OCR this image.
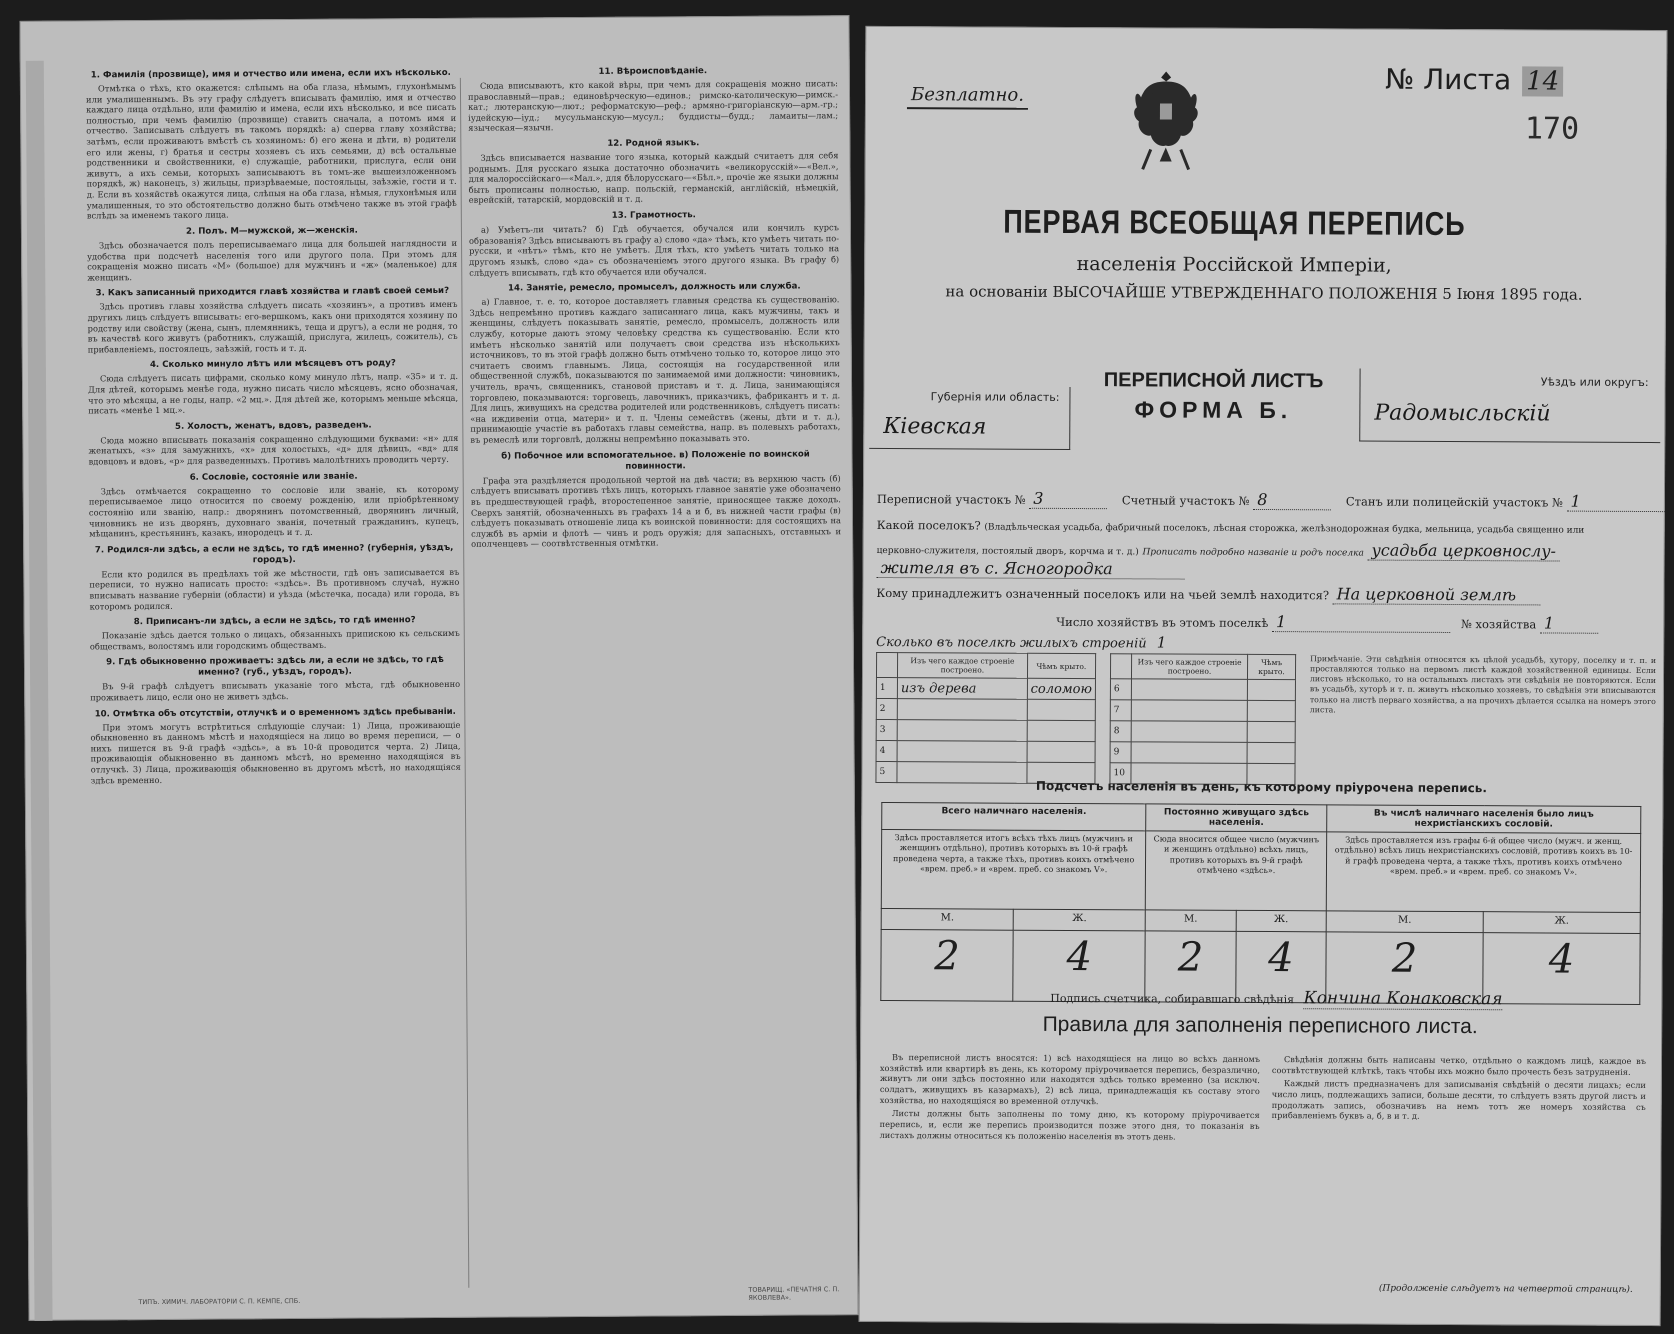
1. Фамилія (прозвище), имя и отчество или имена, если ихъ нѣсколько.

Отмѣтка о тѣхъ, кто окажется: слѣпымъ на оба глаза, нѣмымъ, глухонѣмымъ или умалишеннымъ. Въ эту графу слѣдуетъ вписывать фамилію, имя и отчество каждаго лица отдѣльно, или фамилію и имена, если ихъ нѣсколько, и все писать полностью, при чемъ фамилію (прозвище) ставить сначала, а потомъ имя и отчество. Записывать слѣдуетъ въ такомъ порядкѣ: а) сперва главу хозяйства; затѣмъ, если проживаютъ вмѣстѣ съ хозяиномъ: б) его жена и дѣти, в) родители его или жены, г) братья и сестры хозяевъ съ ихъ семьями, д) всѣ остальные родственники и свойственники, е) служащіе, работники, прислуга, если они живутъ, а ихъ семьи, которыхъ записываютъ въ томъ-же вышеизложенномъ порядкѣ, ж) наконецъ, з) жильцы, призрѣваемые, постояльцы, заѣзжіе, гости и т. д. Если въ хозяйствѣ окажутся лица, слѣпыя на оба глаза, нѣмыя, глухонѣмыя или умалишенныя, то это обстоятельство должно быть отмѣчено также въ этой графѣ вслѣдъ за именемъ такого лица.

2. Полъ. М—мужской, ж—женскія.

Здѣсь обозначается полъ переписываемаго лица для большей наглядности и удобства при подсчетѣ населенія того или другого пола. При этомъ для сокращенія можно писать «М» (большое) для мужчинъ и «ж» (маленькое) для женщинъ.

3. Какъ записанный приходится главѣ хозяйства и главѣ своей семьи?

Здѣсь противъ главы хозяйства слѣдуетъ писать «хозяинъ», а противъ именъ другихъ лицъ слѣдуетъ вписывать: его-вершкомъ, какъ они приходятся хозяину по родству или свойству (жена, сынъ, племянникъ, теща и другъ), а если не родня, то въ качествѣ кого живутъ (работникъ, служащій, прислуга, жилецъ, сожитель), съ прибавленіемъ, постоялецъ, заѣзжій, гость и т. д.

4. Сколько минуло лѣтъ или мѣсяцевъ отъ роду?

Сюда слѣдуетъ писать цифрами, сколько кому минуло лѣтъ, напр. «35» и т. д. Для дѣтей, которымъ менѣе года, нужно писать число мѣсяцевъ, ясно обозначая, что это мѣсяцы, а не годы, напр. «2 мц.». Для дѣтей же, которымъ меньше мѣсяца, писать «менѣе 1 мц.».

5. Холостъ, женатъ, вдовъ, разведенъ.

Сюда можно вписывать показанія сокращенно слѣдующими буквами: «н» для женатыхъ, «з» для замужнихъ, «х» для холостыхъ, «д» для дѣвицъ, «вд» для вдовцовъ и вдовъ, «р» для разведенныхъ. Противъ малолѣтнихъ проводить черту.

6. Сословіе, состояніе или званіе.

Здѣсь отмѣчается сокращенно то сословіе или званіе, къ которому переписываемое лицо относится по своему рожденію, или пріобрѣтенному состоянію или званію, напр.: дворянинъ потомственный, дворянинъ личный, чиновникъ не изъ дворянъ, духовнаго званія, почетный гражданинъ, купецъ, мѣщанинъ, крестьянинъ, казакъ, инородецъ и т. д.

7. Родился-ли здѣсь, а если не здѣсь, то гдѣ именно? (губернія, уѣздъ, городъ).

Если кто родился въ предѣлахъ той же мѣстности, гдѣ онъ записывается въ переписи, то нужно написать просто: «здѣсь». Въ противномъ случаѣ, нужно вписывать название губерніи (области) и уѣзда (мѣстечка, посада) или города, въ которомъ родился.

8. Приписанъ-ли здѣсь, а если не здѣсь, то гдѣ именно?

Показаніе здѣсь дается только о лицахъ, обязанныхъ припискою къ сельскимъ обществамъ, волостямъ или городскимъ обществамъ.

9. Гдѣ обыкновенно проживаетъ: здѣсь ли, а если не здѣсь, то гдѣ именно? (губ., уѣздъ, городъ).

Въ 9-й графѣ слѣдуетъ вписывать указаніе того мѣста, гдѣ обыкновенно проживаетъ лицо, если оно не живетъ здѣсь.

10. Отмѣтка объ отсутствіи, отлучкѣ и о временномъ здѣсь пребываніи.

При этомъ могутъ встрѣтиться слѣдующіе случаи: 1) Лица, проживающіе обыкновенно въ данномъ мѣстѣ и находящіеся на лицо во время переписи, — о нихъ пишется въ 9-й графѣ «здѣсь», а въ 10-й проводится черта. 2) Лица, проживающія обыкновенно въ данномъ мѣстѣ, но временно находящіяся въ отлучкѣ. 3) Лица, проживающія обыкновенно въ другомъ мѣстѣ, но находящіяся здѣсь временно.

11. Вѣроисповѣданіе.

Сюда вписываютъ, кто какой вѣры, при чемъ для сокращенія можно писать: православный—прав.; единовѣрческую—единов.; римско-католическую—римск.-кат.; лютеранскую—лют.; реформатскую—реф.; армяно-григоріанскую—арм.-гр.; іудейскую—іуд.; мусульманскую—мусул.; буддисты—будд.; ламаиты—лам.; языческая—язычн.

12. Родной языкъ.

Здѣсь вписывается название того языка, который каждый считаетъ для себя роднымъ. Для русскаго языка достаточно обозначить «великорусскій»—«Вел.», для малороссійскаго—«Мал.», для бѣлорусскаго—«Бѣл.», прочіе же языки должны быть прописаны полностью, напр. польскій, германскій, англійскій, нѣмецкій, еврейскій, татарскій, мордовскій и т. д.

13. Грамотность.

а) Умѣетъ-ли читать? б) Гдѣ обучается, обучался или кончилъ курсъ образованія? Здѣсь вписываютъ въ графу а) слово «да» тѣмъ, кто умѣетъ читать по-русски, и «нѣтъ» тѣмъ, кто не умѣетъ. Для тѣхъ, кто умѣетъ читать только на другомъ языкѣ, слово «да» съ обозначеніемъ этого другого языка. Въ графу б) слѣдуетъ вписывать, гдѣ кто обучается или обучался.

14. Занятіе, ремесло, промыселъ, должность или служба.

а) Главное, т. е. то, которое доставляетъ главныя средства къ существованію. Здѣсь непремѣнно противъ каждаго записаннаго лица, какъ мужчины, такъ и женщины, слѣдуетъ показывать занятіе, ремесло, промыселъ, должность или службу, которые даютъ этому человѣку средства къ существованію. Если кто имѣетъ нѣсколько занятій или получаетъ свои средства изъ нѣсколькихъ источниковъ, то въ этой графѣ должно быть отмѣчено только то, которое лицо это считаетъ своимъ главнымъ. Лица, состоящія на государственной или общественной службѣ, показываются по занимаемой ими должности: чиновникъ, учитель, врачъ, священникъ, становой приставъ и т. д. Лица, занимающіяся торговлею, показываются: торговецъ, лавочникъ, приказчикъ, фабрикантъ и т. д. Для лицъ, живущихъ на средства родителей или родственниковъ, слѣдуетъ писать: «на иждивеніи отца, матери» и т. п. Члены семействъ (жены, дѣти и т. д.), принимающіе участіе въ работахъ главы семейства, напр. въ полевыхъ работахъ, въ ремеслѣ или торговлѣ, должны непремѣнно показывать это.

б) Побочное или вспомогательное. в) Положеніе по воинской повинности.

Графа эта раздѣляется продольной чертой на двѣ части; въ верхнюю часть (б) слѣдуетъ вписывать противъ тѣхъ лицъ, которыхъ главное занятіе уже обозначено въ предшествующей графѣ, второстепенное занятіе, приносящее также доходъ. Сверхъ занятій, обозначенныхъ въ графахъ 14 а и б, въ нижней части графы (в) слѣдуетъ показывать отношеніе лица къ воинской повинности: для состоящихъ на службѣ въ арміи и флотѣ — чинъ и родъ оружія; для запасныхъ, отставныхъ и ополченцевъ — соотвѣтственныя отмѣтки.

ТИПЪ. ХИМИЧ. ЛАБОРАТОРІИ С. П. КЕМПЕ, СПБ.
ТОВАРИЩ. «ПЕЧАТНЯ С. П. ЯКОВЛЕВА».
Безплатно.	№ Листа 14
170
ПЕРВАЯ ВСЕОБЩАЯ ПЕРЕПИСЬ
населенія Россійской Имперіи,
на основаніи ВЫСОЧАЙШЕ УТВЕРЖДЕННАГО ПОЛОЖЕНІЯ 5 Іюня 1895 года.
Губернія или область:
Кіевская
ПЕРЕПИСНОЙ ЛИСТЪ
ФОРМА Б.
Уѣздъ или округъ:
Радомысльскій
Переписной участокъ № 3	Счетный участокъ № 8	Станъ или полицейскій участокъ № 1
Какой поселокъ? (Владѣльческая усадьба, фабричный поселокъ, лѣсная сторожка, желѣзнодорожная будка, мельница, усадьба священно или
церковно-служителя, постоялый дворъ, корчма и т. д.) Прописать подробно названіе и родъ поселка усадьба церковнослу-
жителя въ с. Ясногородка
Кому принадлежитъ означенный поселокъ или на чьей землѣ находится? На церковной землѣ
Число хозяйствъ въ этомъ поселкѣ 1	№ хозяйства 1
Сколько въ поселкѣ жилыхъ строеній 1
	Изъ чего каждое строеніе построено.	Чѣмъ крыто.
1	изъ дерева	соломою
2		
3		
4		
5		
	Изъ чего каждое строеніе построено.	Чѣмъ крыто.
6		
7		
8		
9		
10		
Примѣчаніе. Эти свѣдѣнія относятся къ цѣлой усадьбѣ, хутору, поселку и т. п. и проставляются только на первомъ листѣ каждой хозяйственной единицы. Если листовъ нѣсколько, то на остальныхъ листахъ эти свѣдѣнія не повторяются. Если въ усадьбѣ, хуторѣ и т. п. живутъ нѣсколько хозяевъ, то свѣдѣнія эти вписываются только на листѣ перваго хозяйства, а на прочихъ дѣлается ссылка на номеръ этого листа.
Подсчетъ населенія въ день, къ которому пріурочена перепись.
Всего наличнаго населенія.		Постоянно живущаго здѣсь населенія.		Въ числѣ наличнаго населенія было лицъ нехристіанскихъ сословій.	
Здѣсь проставляется итогъ всѣхъ тѣхъ лицъ (мужчинъ и женщинъ отдѣльно), противъ которыхъ въ 10-й графѣ проведена черта, а также тѣхъ, противъ коихъ отмѣчено «врем. преб.» и «врем. преб. со знакомъ V».		Сюда вносится общее число (мужчинъ и женщинъ отдѣльно) всѣхъ лицъ, противъ которыхъ въ 9-й графѣ отмѣчено «здѣсь».		Здѣсь проставляется изъ графы 6-й общее число (мужч. и женщ. отдѣльно) всѣхъ лицъ нехристіанскихъ сословій, противъ коихъ въ 10-й графѣ проведена черта, а также тѣхъ, противъ коихъ отмѣчено «врем. преб.» и «врем. преб. со знакомъ V».	
М.	Ж.	М.	Ж.	М.	Ж.
2	4	2	4	2	4
Подпись счетчика, собиравшаго свѣдѣнія Кончина Конаковская
Правила для заполненія переписного листа.

Въ переписной листъ вносятся: 1) всѣ находящіеся на лицо во всѣхъ данномъ хозяйствѣ или квартирѣ въ день, къ которому пріурочивается перепись, безразлично, живутъ ли они здѣсь постоянно или находятся здѣсь только временно (за исключ. солдатъ, живущихъ въ казармахъ), 2) всѣ лица, принадлежащія къ составу этого хозяйства, но находящіяся во временной отлучкѣ.

Листы должны быть заполнены по тому дню, къ которому пріурочивается перепись, и, если же перепись производится позже этого дня, то показанія въ листахъ должны относиться къ положенію населенія въ этотъ день.

Свѣдѣнія должны быть написаны четко, отдѣльно о каждомъ лицѣ, каждое въ соотвѣтствующей клѣткѣ, такъ чтобы ихъ можно было прочесть безъ затрудненія.

Каждый листъ предназначенъ для записыванія свѣдѣній о десяти лицахъ; если число лицъ, подлежащихъ записи, больше десяти, то слѣдуетъ взять другой листъ и продолжать запись, обозначивъ на немъ тотъ же номеръ хозяйства съ прибавленіемъ буквъ а, б, в и т. д.

(Продолженіе слѣдуетъ на четвертой страницѣ).
